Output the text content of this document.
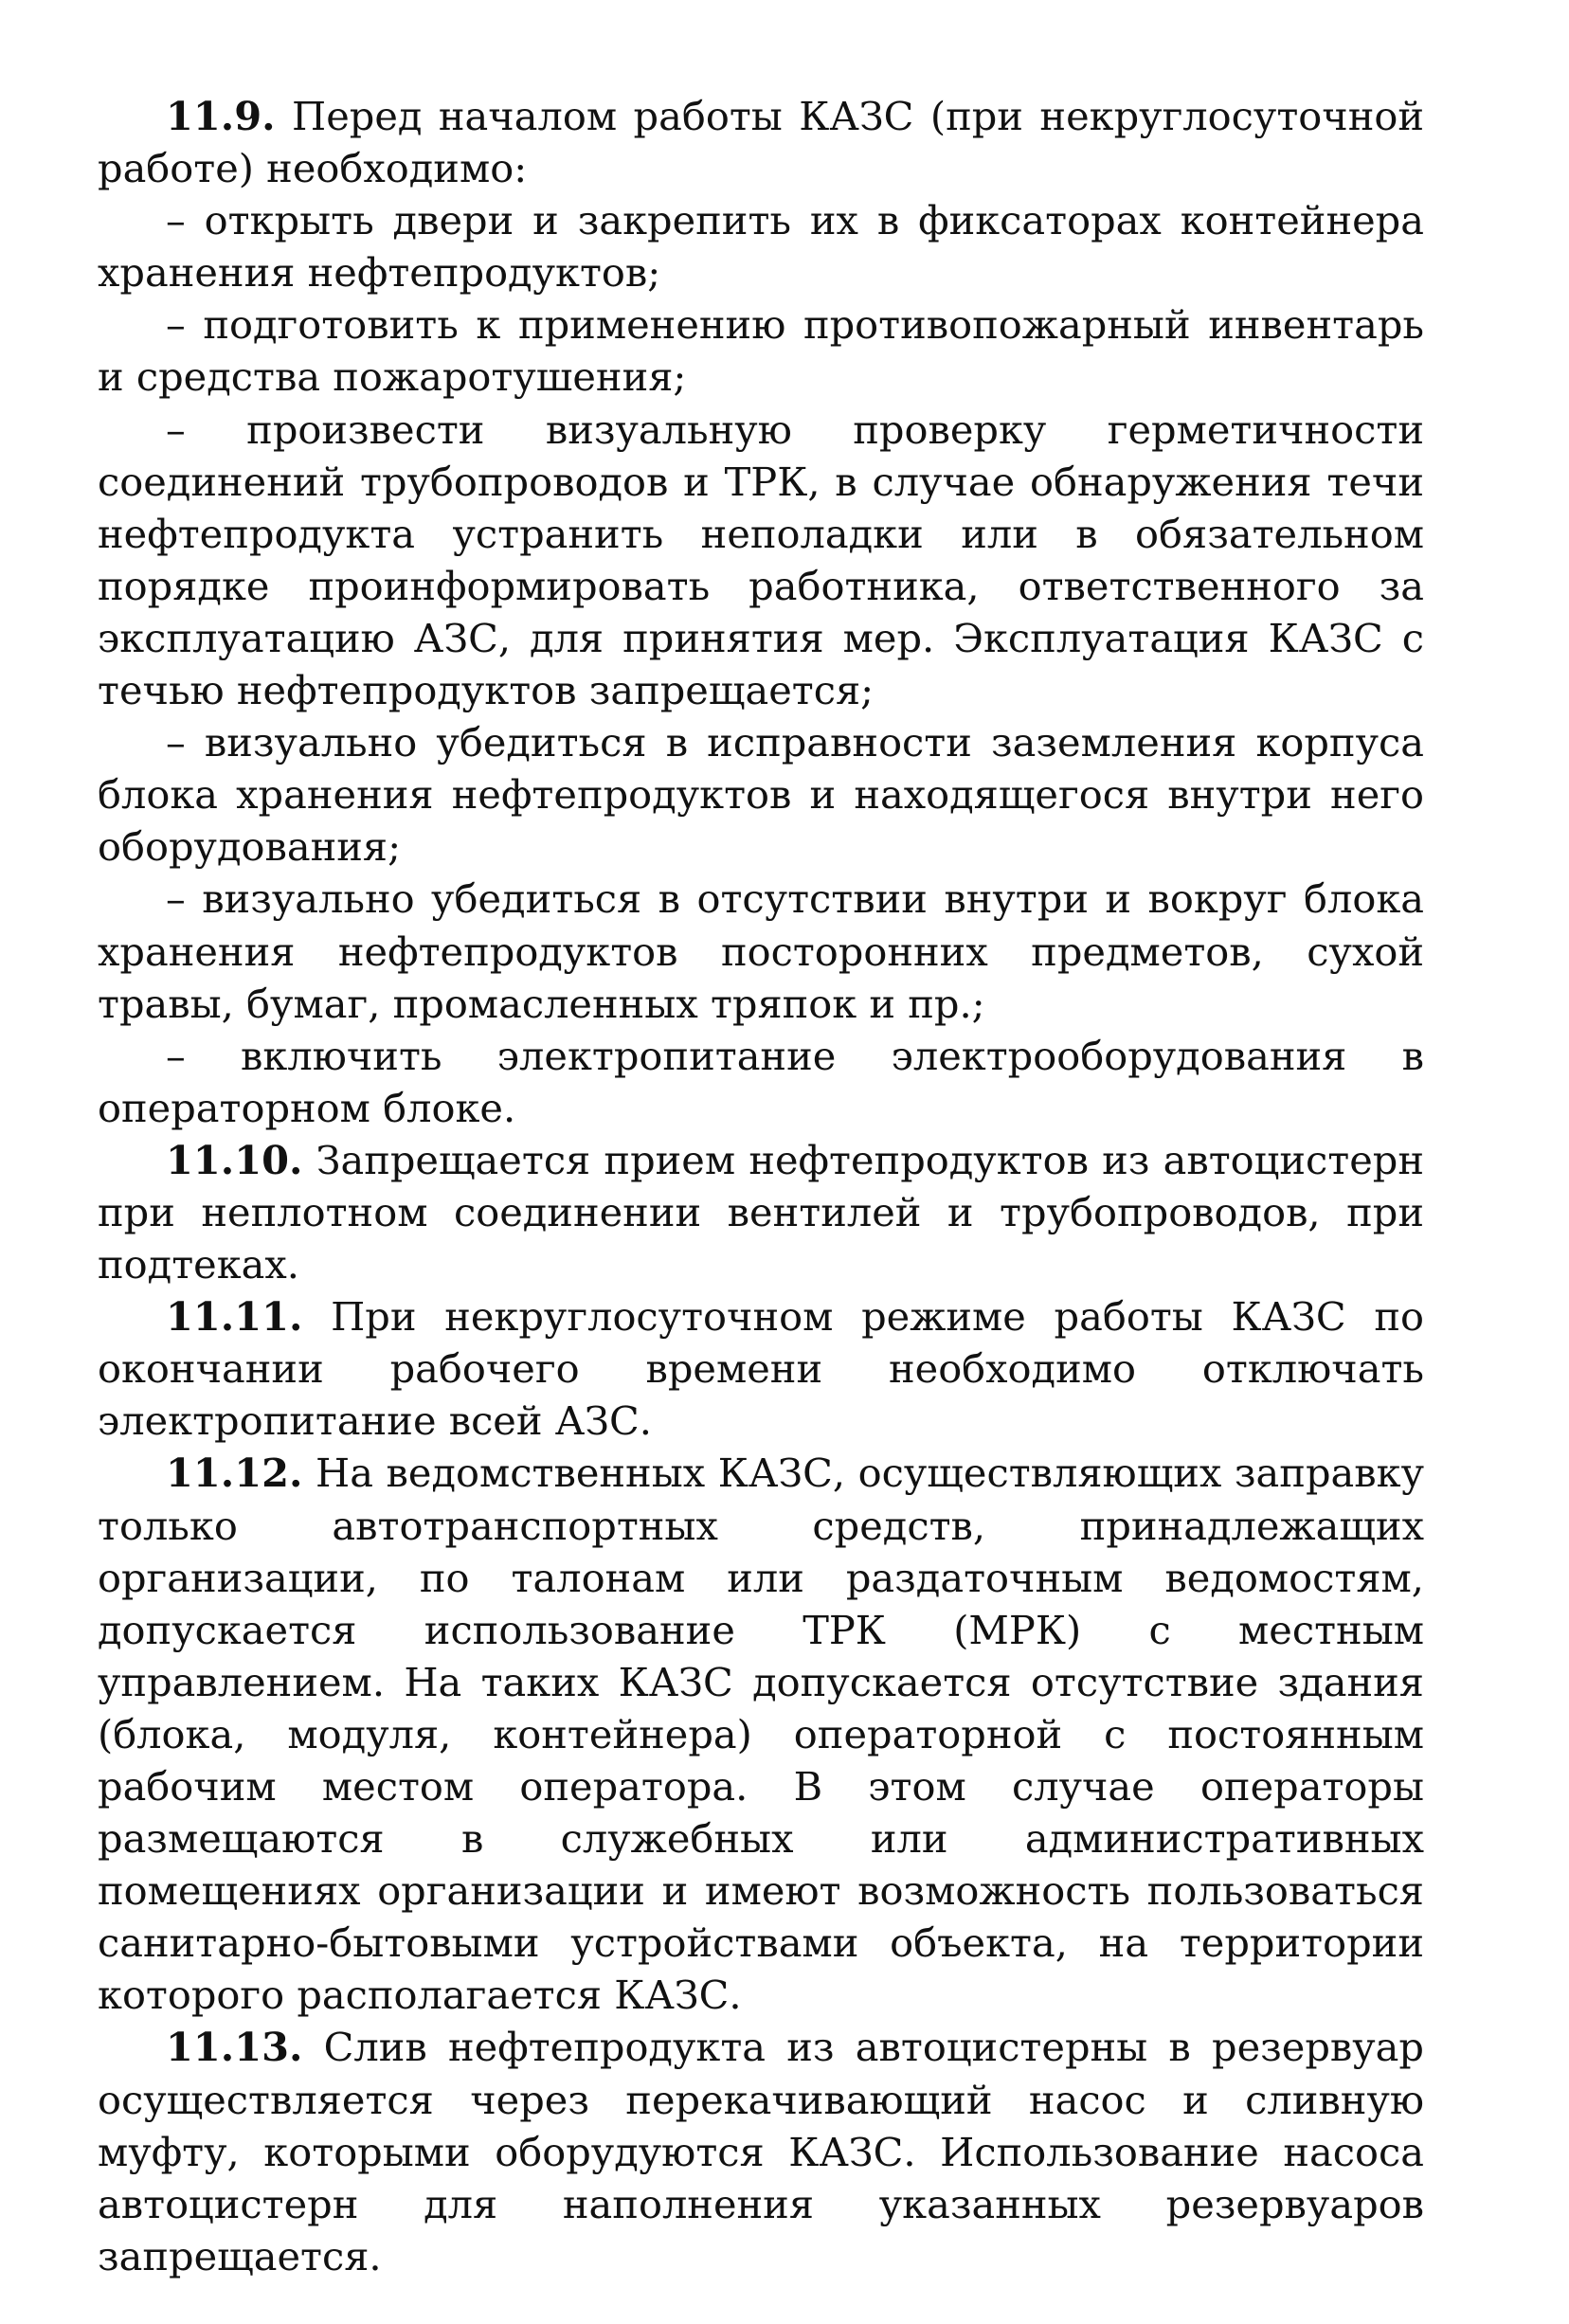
11.9. Перед началом работы КАЗС (при некруглосуточной работе) необходимо:

– открыть двери и закрепить их в фиксаторах контейнера хранения нефтепродуктов;

– подготовить к применению противопожарный инвентарь и средства пожаротушения;

– произвести визуальную проверку герметичности соединений трубопроводов и ТРК, в случае обнаружения течи нефтепродукта устранить неполадки или в обязательном порядке проинформировать работника, ответственного за эксплуатацию АЗС, для принятия мер. Эксплуатация КАЗС с течью нефтепродуктов запрещается;

– визуально убедиться в исправности заземления корпуса блока хранения нефтепродуктов и находящегося внутри него оборудования;

– визуально убедиться в отсутствии внутри и вокруг блока хранения нефтепродуктов посторонних предметов, сухой травы, бумаг, промасленных тряпок и пр.;

– включить электропитание электрооборудования в операторном блоке.

11.10. Запрещается прием нефтепродуктов из автоцистерн при неплотном соединении вентилей и трубопроводов, при подтеках.

11.11. При некруглосуточном режиме работы КАЗС по окончании рабочего времени необходимо отключать электропитание всей АЗС.

11.12. На ведомственных КАЗС, осуществляющих заправку только автотранспортных средств, принадлежащих организации, по талонам или раздаточным ведомостям, допускается использование ТРК (МРК) с местным управлением. На таких КАЗС допускается отсутствие здания (блока, модуля, контейнера) операторной с постоянным рабочим местом оператора. В этом случае операторы размещаются в служебных или административных помещениях организации и имеют возможность пользоваться санитарно-бытовыми устройствами объекта, на территории которого располагается КАЗС.

11.13. Слив нефтепродукта из автоцистерны в резервуар осуществляется через перекачивающий насос и сливную муфту, которыми оборудуются КАЗС. Использование насоса автоцистерн для наполнения указанных резервуаров запрещается.
